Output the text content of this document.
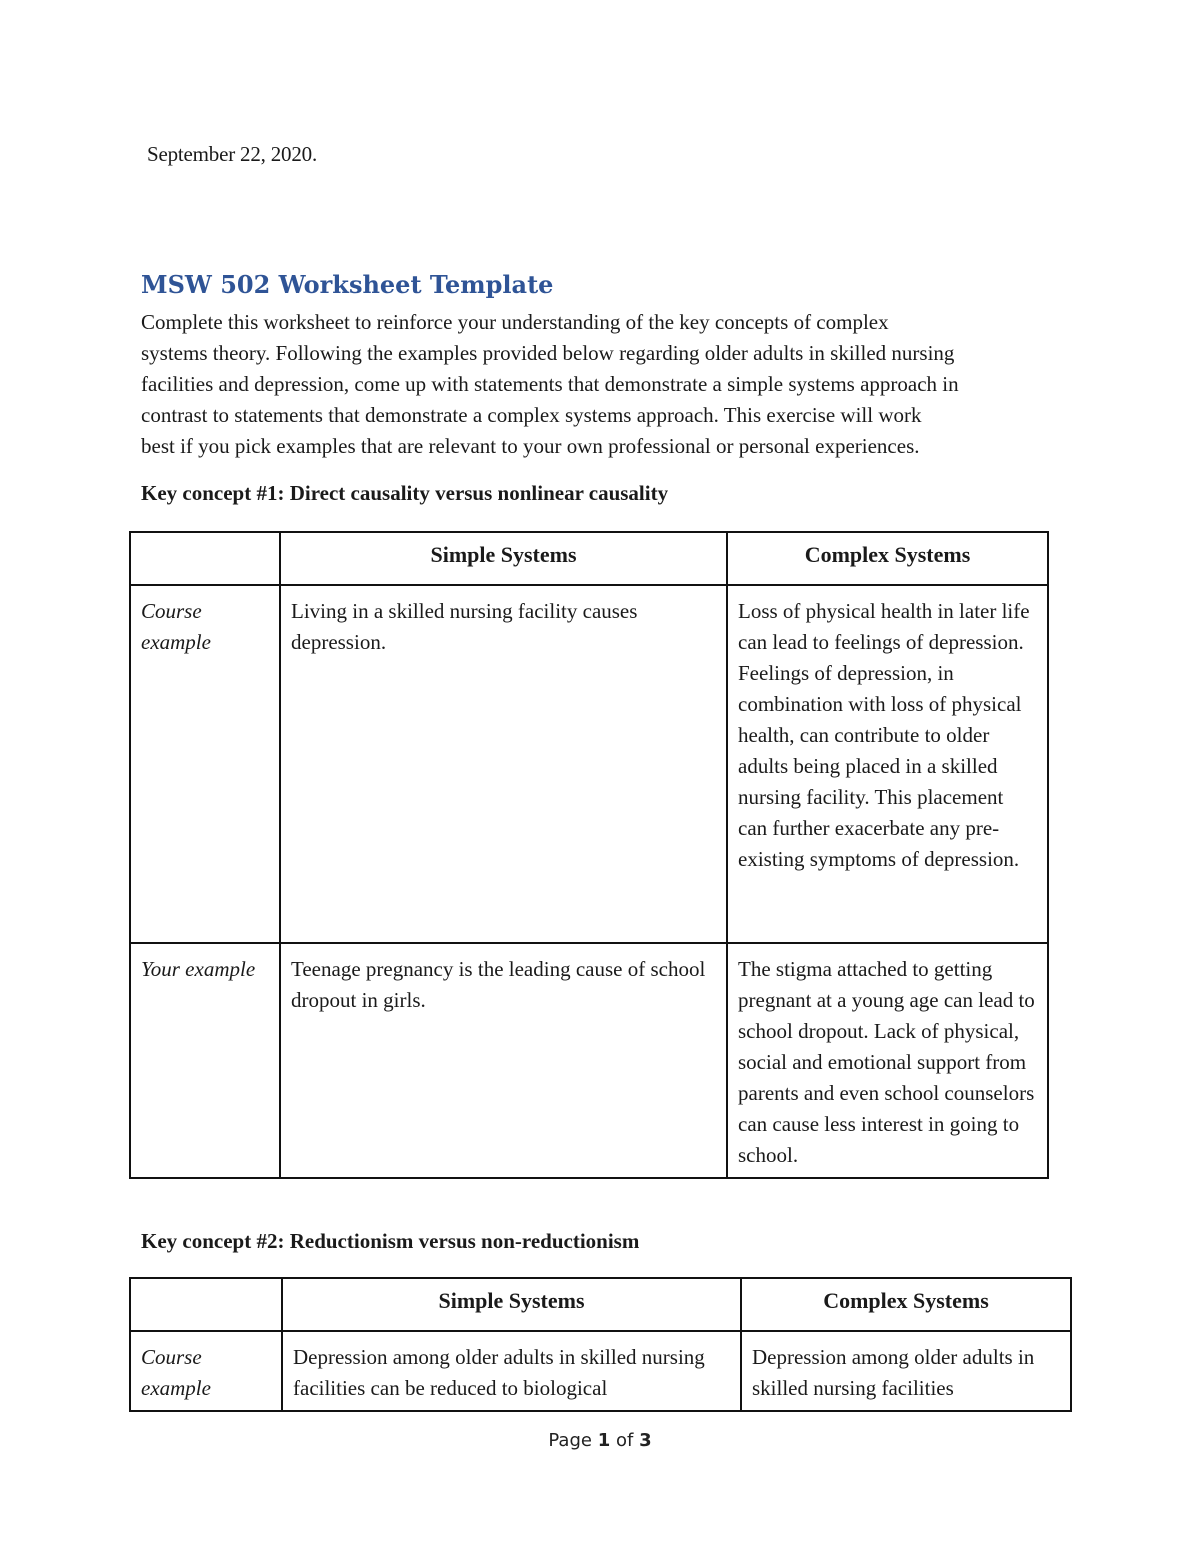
September 22, 2020.
MSW 502 Worksheet Template

Complete this worksheet to reinforce your understanding of the key concepts of complex
systems theory. Following the examples provided below regarding older adults in skilled nursing
facilities and depression, come up with statements that demonstrate a simple systems approach in
contrast to statements that demonstrate a complex systems approach. This exercise will work
best if you pick examples that are relevant to your own professional or personal experiences.

Key concept #1: Direct causality versus nonlinear causality
	Simple Systems	Complex Systems

Course example	Living in a skilled nursing facility causes depression.	Loss of physical health in later life can lead to feelings of depression. Feelings of depression, in combination with loss of physical health, can contribute to older adults being placed in a skilled nursing facility. This placement can further exacerbate any pre-existing symptoms of depression.

Your example	Teenage pregnancy is the leading cause of school dropout in girls.	The stigma attached to getting pregnant at a young age can lead to school dropout. Lack of physical, social and emotional support from parents and even school counselors can cause less interest in going to school.
Key concept #2: Reductionism versus non-reductionism
	Simple Systems	Complex Systems

Course example	Depression among older adults in skilled nursing facilities can be reduced to biological	Depression among older adults in skilled nursing facilities
Page 1 of 3
